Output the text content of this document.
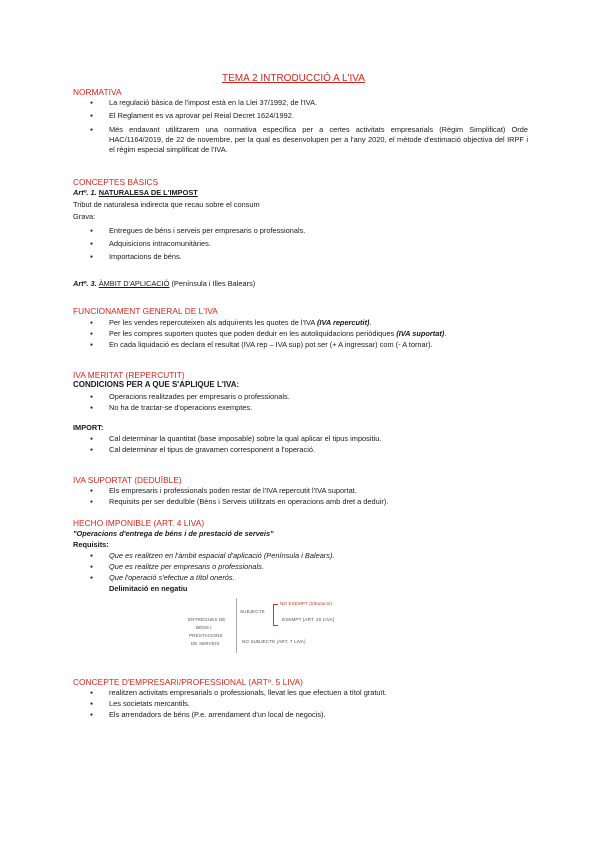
TEMA 2 INTRODUCCIÓ A L'IVA
NORMATIVA
● La regulació bàsica de l'impost està en la Llei 37/1992, de l'IVA.
● El Reglament es va aprovar pel Reial Decret 1624/1992.
● Més endavant utilitzarem una normativa específica per a certes activitats empresarials (Règim Simplificat) Orde HAC/1164/2019, de 22 de novembre, per la qual es desenvolupen per a l'any 2020, el mètode d'estimació objectiva del IRPF i el règim especial simplificat de l'IVA.
CONCEPTES BÀSICS
Artº. 1. NATURALESA DE L'IMPOST
Tribut de naturalesa indirecta que recau sobre el consum
Grava:
● Entregues de béns i serveis per empresaris o professionals.
● Adquisicions intracomunitàries.
● Importacions de béns.
Artº. 3. ÀMBIT D'APLICACIÓ (Península i Illes Balears)
FUNCIONAMENT GENERAL DE L'IVA
● Per les vendes repercuteixen als adquirents les quotes de l'IVA (IVA repercutit).
● Per les compres suporten quotes que poden deduir en les autoliquidacions periòdiques (IVA suportat).
● En cada liquidació es declara el resultat (IVA rep – IVA sup) pot ser (+ A ingressar) com (- A tornar).
IVA MERITAT (REPERCUTIT)
CONDICIONS PER A QUE S'APLIQUE L'IVA:
● Operacions realitzades per empresaris o professionals.
● No ha de tractar-se d'operacions exemptes.
IMPORT:
● Cal determinar la quantitat (base imposable) sobre la qual aplicar el tipus impositiu.
● Cal determinar el tipus de gravamen corresponent a l'operació.
IVA SUPORTAT (DEDUÏBLE)
● Els empresaris i professionals poden restar de l'IVA repercutit l'IVA suportat.
● Requisits per ser deduïble (Béns i Serveis utilitzats en operacions amb dret a deduir).
HECHO IMPONIBLE (ART. 4 LIVA)
"Operacions d'entrega de béns i de prestació de serveis"
Requisits:
● Que es realitzen en l'àmbit espacial d'aplicació (Península i Balears).
● Que es realitze per empresaris o professionals.
● Que l'operació s'efectue a títol onerós.
Delimitació en negatiu
ENTREGUES DE
BÉNS I
PRESTACIONS
DE SERVEIS
SUBJECTE
NO SUBJECTE (ART. 7 LIVA)
NO EXEMPT (tributació)
EXEMPT (ART. 20 LIVA)
CONCEPTE D'EMPRESARI/PROFESSIONAL (ARTº. 5 LIVA)
● realitzen activitats empresarials o professionals, llevat les que efectuen a títol gratuït.
● Les societats mercantils.
● Els arrendadors de béns (P.e. arrendament d'un local de negocis).
